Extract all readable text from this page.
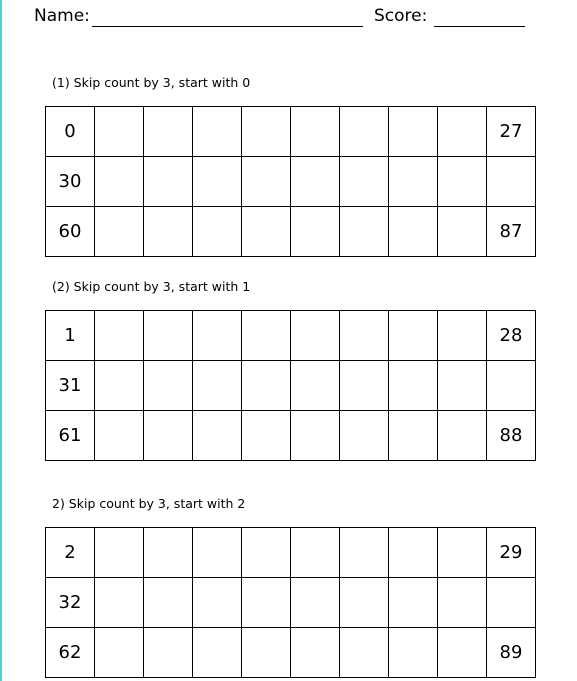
Name:	Score:
(1) Skip count by 3, start with 0
0									27
30									
60									87
(2) Skip count by 3, start with 1
1									28
31									
61									88
2) Skip count by 3, start with 2
2									29
32									
62									89
